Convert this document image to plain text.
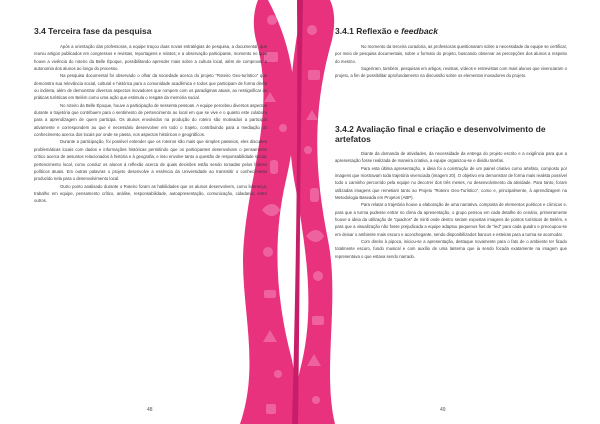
3.4 Terceira fase da pesquisa

Após a orientação das professoras, a equipe traçou duas novas estratégias de pesquisa, a documental, que reuniu artigos publicados em congressos e revistas, reportagens e relatos; e a observação participante, momento no qual houve a vivência do roteiro da Belle Époque, possibilitando aprender mais sobre a cultura local, além de comprovar a autonomia dos alunos ao longo do processo.

Na pesquisa documental foi observado o olhar da sociedade acerca do projeto "Roteiro Geo-turístico" que demonstra sua relevância social, cultural e histórica para a comunidade acadêmica e todos que participam de forma direta ou indireta, além de demonstrar diversos aspectos inovadores que rompem com os paradigmas atuais, ao ressignificar as práticas turísticas em Belém como uma ação que estimula o resgate da memória social.

No roteiro da Belle Époque, houve a participação de sessenta pessoas. A equipe percebeu diversos aspectos durante a trajetória que contribuem para o sentimento de pertencimento ao local em que se vive e o quanto este colabora para a aprendizagem de quem participa. Os alunos envolvidos na produção do roteiro são motivados a participar ativamente e correspondem ao que é necessário desenvolver em todo o trajeto, contribuindo para a mediação do conhecimento acerca dos locais por onde se passa, nos aspectos históricos e geográficos.

Durante a participação, foi possível entender que os roteiros são mais que simples passeios, eles discutem problemáticas locais com dados e informações históricas permitindo que os participantes desenvolvam o pensamento crítico acerca de assuntos relacionados à história e à geografia, e isso envolve tanto a questão de responsabilidade social, pertencimento local, como conduz os alunos à reflexão acerca de quais decisões estão sendo tomadas pelos líderes políticos atuais. Em outras palavras o projeto desenvolve a essência da Universidade ao transmitir o conhecimento produzido nela para o desenvolvimento local.

Outro ponto analisado durante o Roteiro foram as habilidades que os alunos desenvolvem, como liderança, trabalho em equipe, pensamento crítico, análise, responsabilidade, autoapresentação, comunicação, cidadania, entre outros.

48
3.4.1 Reflexão e feedback

No momento da terceira curadoria, as professoras questionaram sobre a necessidade da equipe se certificar, por meio de pesquisa documentais, sobre o formato do projeto, buscando observar as percepções dos alunos a respeito do mesmo.

Sugeriram, também, pesquisas em artigos, revistas, vídeos e entrevistas com mais alunos que vivenciaram o projeto, a fim de possibilitar aprofundamento na discussão sobre os elementos inovadores do projeto.

3.4.2 Avaliação final e criação e desenvolvimento de artefatos

Diante da demanda de atividades, da necessidade da entrega do projeto escrito e a exigência para que a apresentação fosse realizada de maneira criativa, a equipe organizou-se e dividiu tarefas.

Para esta última apresentação, a ideia foi a construção de um painel criativo como artefato, composto por imagens que mostravam toda trajetória vivenciada (imagem 20). O objetivo era demonstrar de forma mais realista possível todo o caminho percorrido pela equipe no decorrer dos três meses, no desenvolvimento da atividade. Para tanto, foram utilizadas imagens que remetiam tanto ao Projeto "Roteiro Geo-Turístico", como e, principalmente, à aprendizagem na Metodologia Baseada em Projetos (ABP).

Para relatar a trajetória houve a elaboração de uma narrativa, composta de elementos poéticos e cômicos e, para que a turma pudesse entrar no clima da apresentação, o grupo pensou em cada detalhe do cenário, primeiramente houve a ideia da utilização de "quadros" de miriti onde dentro seriam expostas imagens de pontos turísticos de Belém, e para que a visualização não fosse prejudicada a equipe adaptou pequenos fios de "led" para cada quadro e preocupou-se em deixar o ambiente mais escuro e aconchegante, sendo disponibilizados bancos e esteiras para a turma se acomodar.

Com direito à pipoca, iniciou-se a apresentação, destaque novamente para o fato de o ambiente ter ficado totalmente escuro, fundo musical e com auxílio de uma lanterna que ia sendo focada exatamente na imagem que representava o que estava sendo narrado.

49
